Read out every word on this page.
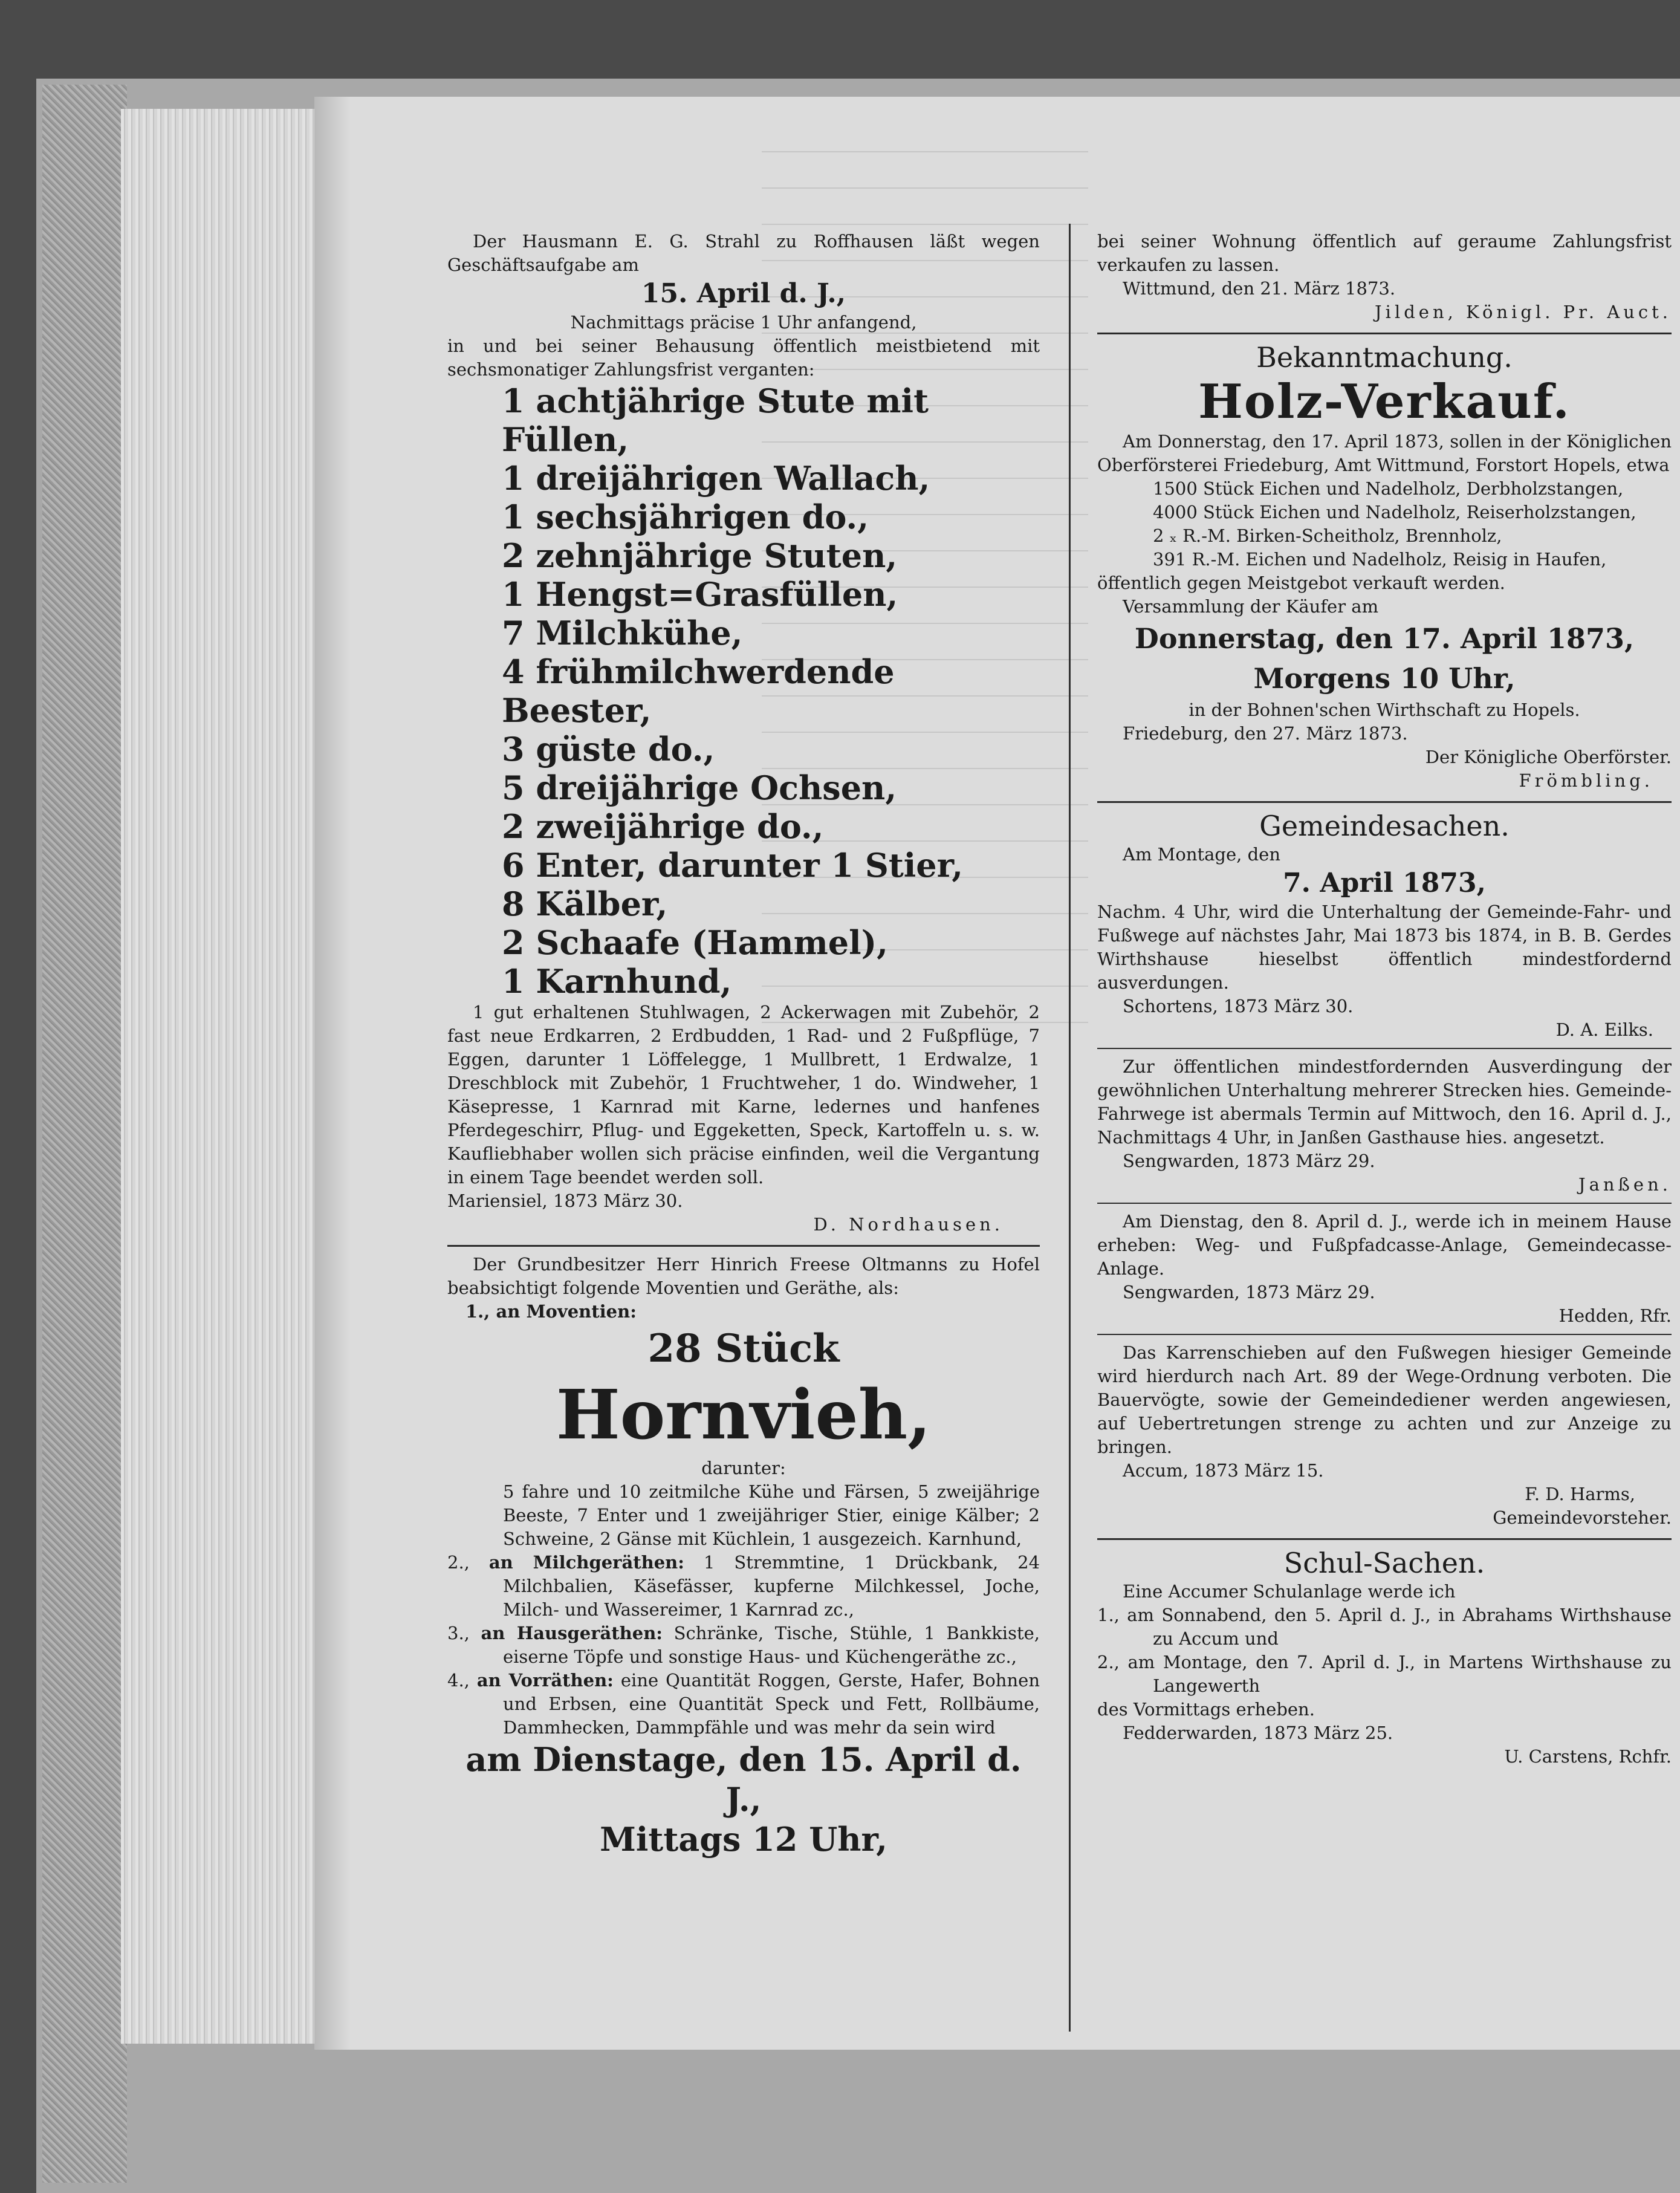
Der Hausmann E. G. Strahl zu Roffhausen läßt wegen Geschäftsaufgabe am

15. April d. J.,

Nachmittags präcise 1 Uhr anfangend,

in und bei seiner Behausung öffentlich meistbietend mit sechsmonatiger Zahlungsfrist verganten:

1 achtjährige Stute mit Füllen,

1 dreijährigen Wallach,

1 sechsjährigen do.,

2 zehnjährige Stuten,

1 Hengst=Grasfüllen,

7 Milchkühe,

4 frühmilchwerdende Beester,

3 güste do.,

5 dreijährige Ochsen,

2 zweijährige do.,

6 Enter, darunter 1 Stier,

8 Kälber,

2 Schaafe (Hammel),

1 Karnhund,

1 gut erhaltenen Stuhlwagen, 2 Ackerwagen mit Zubehör, 2 fast neue Erdkarren, 2 Erdbudden, 1 Rad- und 2 Fußpflüge, 7 Eggen, darunter 1 Löffelegge, 1 Mullbrett, 1 Erdwalze, 1 Dreschblock mit Zubehör, 1 Fruchtweher, 1 do. Windweher, 1 Käsepresse, 1 Karnrad mit Karne, ledernes und hanfenes Pferdegeschirr, Pflug- und Eggeketten, Speck, Kartoffeln u. s. w. Kaufliebhaber wollen sich präcise einfinden, weil die Vergantung in einem Tage beendet werden soll.

Mariensiel, 1873 März 30.

D. Nordhausen.

Der Grundbesitzer Herr Hinrich Freese Oltmanns zu Hofel beabsichtigt folgende Moventien und Geräthe, als:

1., an Moventien:

28 Stück

Hornvieh,

darunter:

5 fahre und 10 zeitmilche Kühe und Färsen, 5 zweijährige Beeste, 7 Enter und 1 zweijähriger Stier, einige Kälber; 2 Schweine, 2 Gänse mit Küchlein, 1 ausgezeich. Karnhund,

2., an Milchgeräthen: 1 Stremmtine, 1 Drückbank, 24 Milchbalien, Käsefässer, kupferne Milchkessel, Joche, Milch- und Wassereimer, 1 Karnrad zc.,

3., an Hausgeräthen: Schränke, Tische, Stühle, 1 Bankkiste, eiserne Töpfe und sonstige Haus- und Küchengeräthe zc.,

4., an Vorräthen: eine Quantität Roggen, Gerste, Hafer, Bohnen und Erbsen, eine Quantität Speck und Fett, Rollbäume, Dammhecken, Dammpfähle und was mehr da sein wird

am Dienstage, den 15. April d. J.,

Mittags 12 Uhr,

bei seiner Wohnung öffentlich auf geraume Zahlungsfrist verkaufen zu lassen.

Wittmund, den 21. März 1873.

Jilden, Königl. Pr. Auct.

Bekanntmachung.

Holz-Verkauf.

Am Donnerstag, den 17. April 1873, sollen in der Königlichen Oberförsterei Friedeburg, Amt Wittmund, Forstort Hopels, etwa

1500 Stück Eichen und Nadelholz, Derbholzstangen,

4000 Stück Eichen und Nadelholz, Reiserholzstangen,

2 ₓ R.-M. Birken-Scheitholz, Brennholz,

391 R.-M. Eichen und Nadelholz, Reisig in Haufen,

öffentlich gegen Meistgebot verkauft werden.

Versammlung der Käufer am

Donnerstag, den 17. April 1873,

Morgens 10 Uhr,

in der Bohnen'schen Wirthschaft zu Hopels.

Friedeburg, den 27. März 1873.

Der Königliche Oberförster.

Frömbling.

Gemeindesachen.

Am Montage, den

7. April 1873,

Nachm. 4 Uhr, wird die Unterhaltung der Gemeinde-Fahr- und Fußwege auf nächstes Jahr, Mai 1873 bis 1874, in B. B. Gerdes Wirthshause hieselbst öffentlich mindestfordernd ausverdungen.

Schortens, 1873 März 30.

D. A. Eilks.

Zur öffentlichen mindestfordernden Ausverdingung der gewöhnlichen Unterhaltung mehrerer Strecken hies. Gemeinde-Fahrwege ist abermals Termin auf Mittwoch, den 16. April d. J., Nachmittags 4 Uhr, in Janßen Gasthause hies. angesetzt.

Sengwarden, 1873 März 29.

Janßen.

Am Dienstag, den 8. April d. J., werde ich in meinem Hause erheben: Weg- und Fußpfadcasse-Anlage, Gemeindecasse-Anlage.

Sengwarden, 1873 März 29.

Hedden, Rfr.

Das Karrenschieben auf den Fußwegen hiesiger Gemeinde wird hierdurch nach Art. 89 der Wege-Ordnung verboten. Die Bauervögte, sowie der Gemeindediener werden angewiesen, auf Uebertretungen strenge zu achten und zur Anzeige zu bringen.

Accum, 1873 März 15.

F. D. Harms,

Gemeindevorsteher.

Schul-Sachen.

Eine Accumer Schulanlage werde ich

1., am Sonnabend, den 5. April d. J., in Abrahams Wirthshause zu Accum und

2., am Montage, den 7. April d. J., in Martens Wirthshause zu Langewerth

des Vormittags erheben.

Fedderwarden, 1873 März 25.

U. Carstens, Rchfr.
